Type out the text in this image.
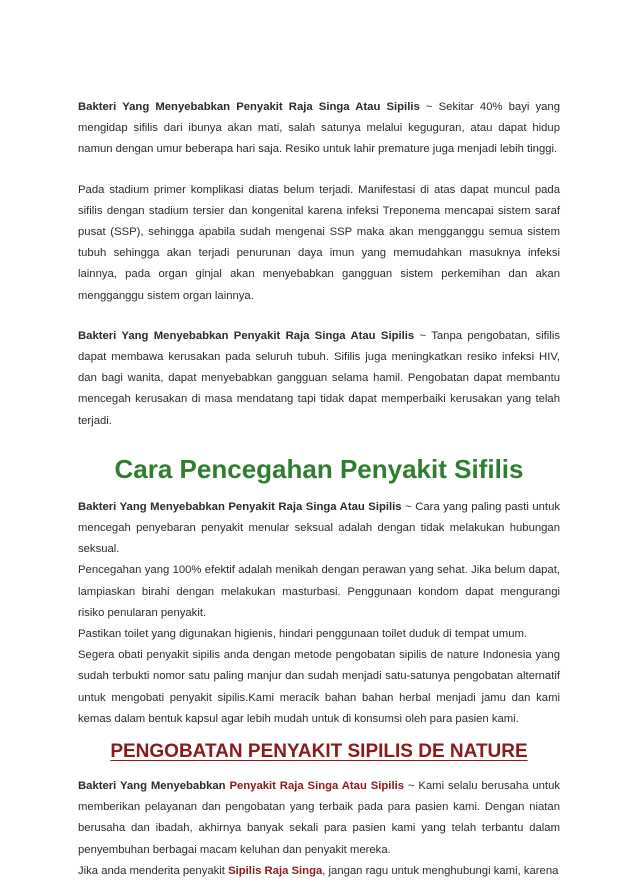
Bakteri Yang Menyebabkan Penyakit Raja Singa Atau Sipilis ~ Sekitar 40% bayi yang mengidap sifilis dari ibunya akan mati, salah satunya melalui keguguran, atau dapat hidup namun dengan umur beberapa hari saja. Resiko untuk lahir premature juga menjadi lebih tinggi.

Pada stadium primer komplikasi diatas belum terjadi. Manifestasi di atas dapat muncul pada sifilis dengan stadium tersier dan kongenital karena infeksi Treponema mencapai sistem saraf pusat (SSP), sehingga apabila sudah mengenai SSP maka akan mengganggu semua sistem tubuh sehingga akan terjadi penurunan daya imun yang memudahkan masuknya infeksi lainnya, pada organ ginjal akan menyebabkan gangguan sistem perkemihan dan akan mengganggu sistem organ lainnya.

Bakteri Yang Menyebabkan Penyakit Raja Singa Atau Sipilis ~ Tanpa pengobatan, sifilis dapat membawa kerusakan pada seluruh tubuh. Sifilis juga meningkatkan resiko infeksi HIV, dan bagi wanita, dapat menyebabkan gangguan selama hamil. Pengobatan dapat membantu mencegah kerusakan di masa mendatang tapi tidak dapat memperbaiki kerusakan yang telah terjadi.

Cara Pencegahan Penyakit Sifilis

Bakteri Yang Menyebabkan Penyakit Raja Singa Atau Sipilis ~ Cara yang paling pasti untuk mencegah penyebaran penyakit menular seksual adalah dengan tidak melakukan hubungan seksual.

Pencegahan yang 100% efektif adalah menikah dengan perawan yang sehat. Jika belum dapat, lampiaskan birahi dengan melakukan masturbasi. Penggunaan kondom dapat mengurangi risiko penularan penyakit.

Pastikan toilet yang digunakan higienis, hindari penggunaan toilet duduk di tempat umum.

Segera obati penyakit sipilis anda dengan metode pengobatan sipilis de nature Indonesia yang sudah terbukti nomor satu paling manjur dan sudah menjadi satu-satunya pengobatan alternatif untuk mengobati penyakit sipilis.Kami meracik bahan bahan herbal menjadi jamu dan kami kemas dalam bentuk kapsul agar lebih mudah untuk di konsumsi oleh para pasien kami.

PENGOBATAN PENYAKIT SIPILIS DE NATURE

Bakteri Yang Menyebabkan Penyakit Raja Singa Atau Sipilis ~ Kami selalu berusaha untuk memberikan pelayanan dan pengobatan yang terbaik pada para pasien kami. Dengan niatan berusaha dan ibadah, akhirnya banyak sekali para pasien kami yang telah terbantu dalam penyembuhan berbagai macam keluhan dan penyakit mereka.

Jika anda menderita penyakit Sipilis Raja Singa, jangan ragu untuk menghubungi kami, karena
